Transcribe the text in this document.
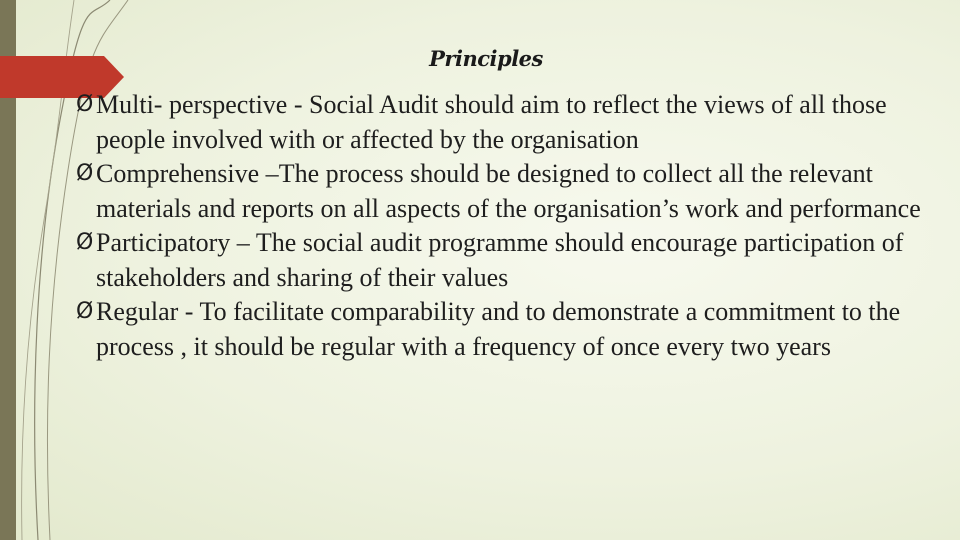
Principles

Ø Multi- perspective - Social Audit should aim to reflect the views of all those people involved with or affected by the organisation

Ø Comprehensive –The process should be designed to collect all the relevant materials and reports on all aspects of the organisation’s work and performance

Ø Participatory – The social audit programme should encourage participation of stakeholders and sharing of their values

Ø Regular - To facilitate comparability and to demonstrate a commitment to the process , it should be regular with a frequency of once every two years
